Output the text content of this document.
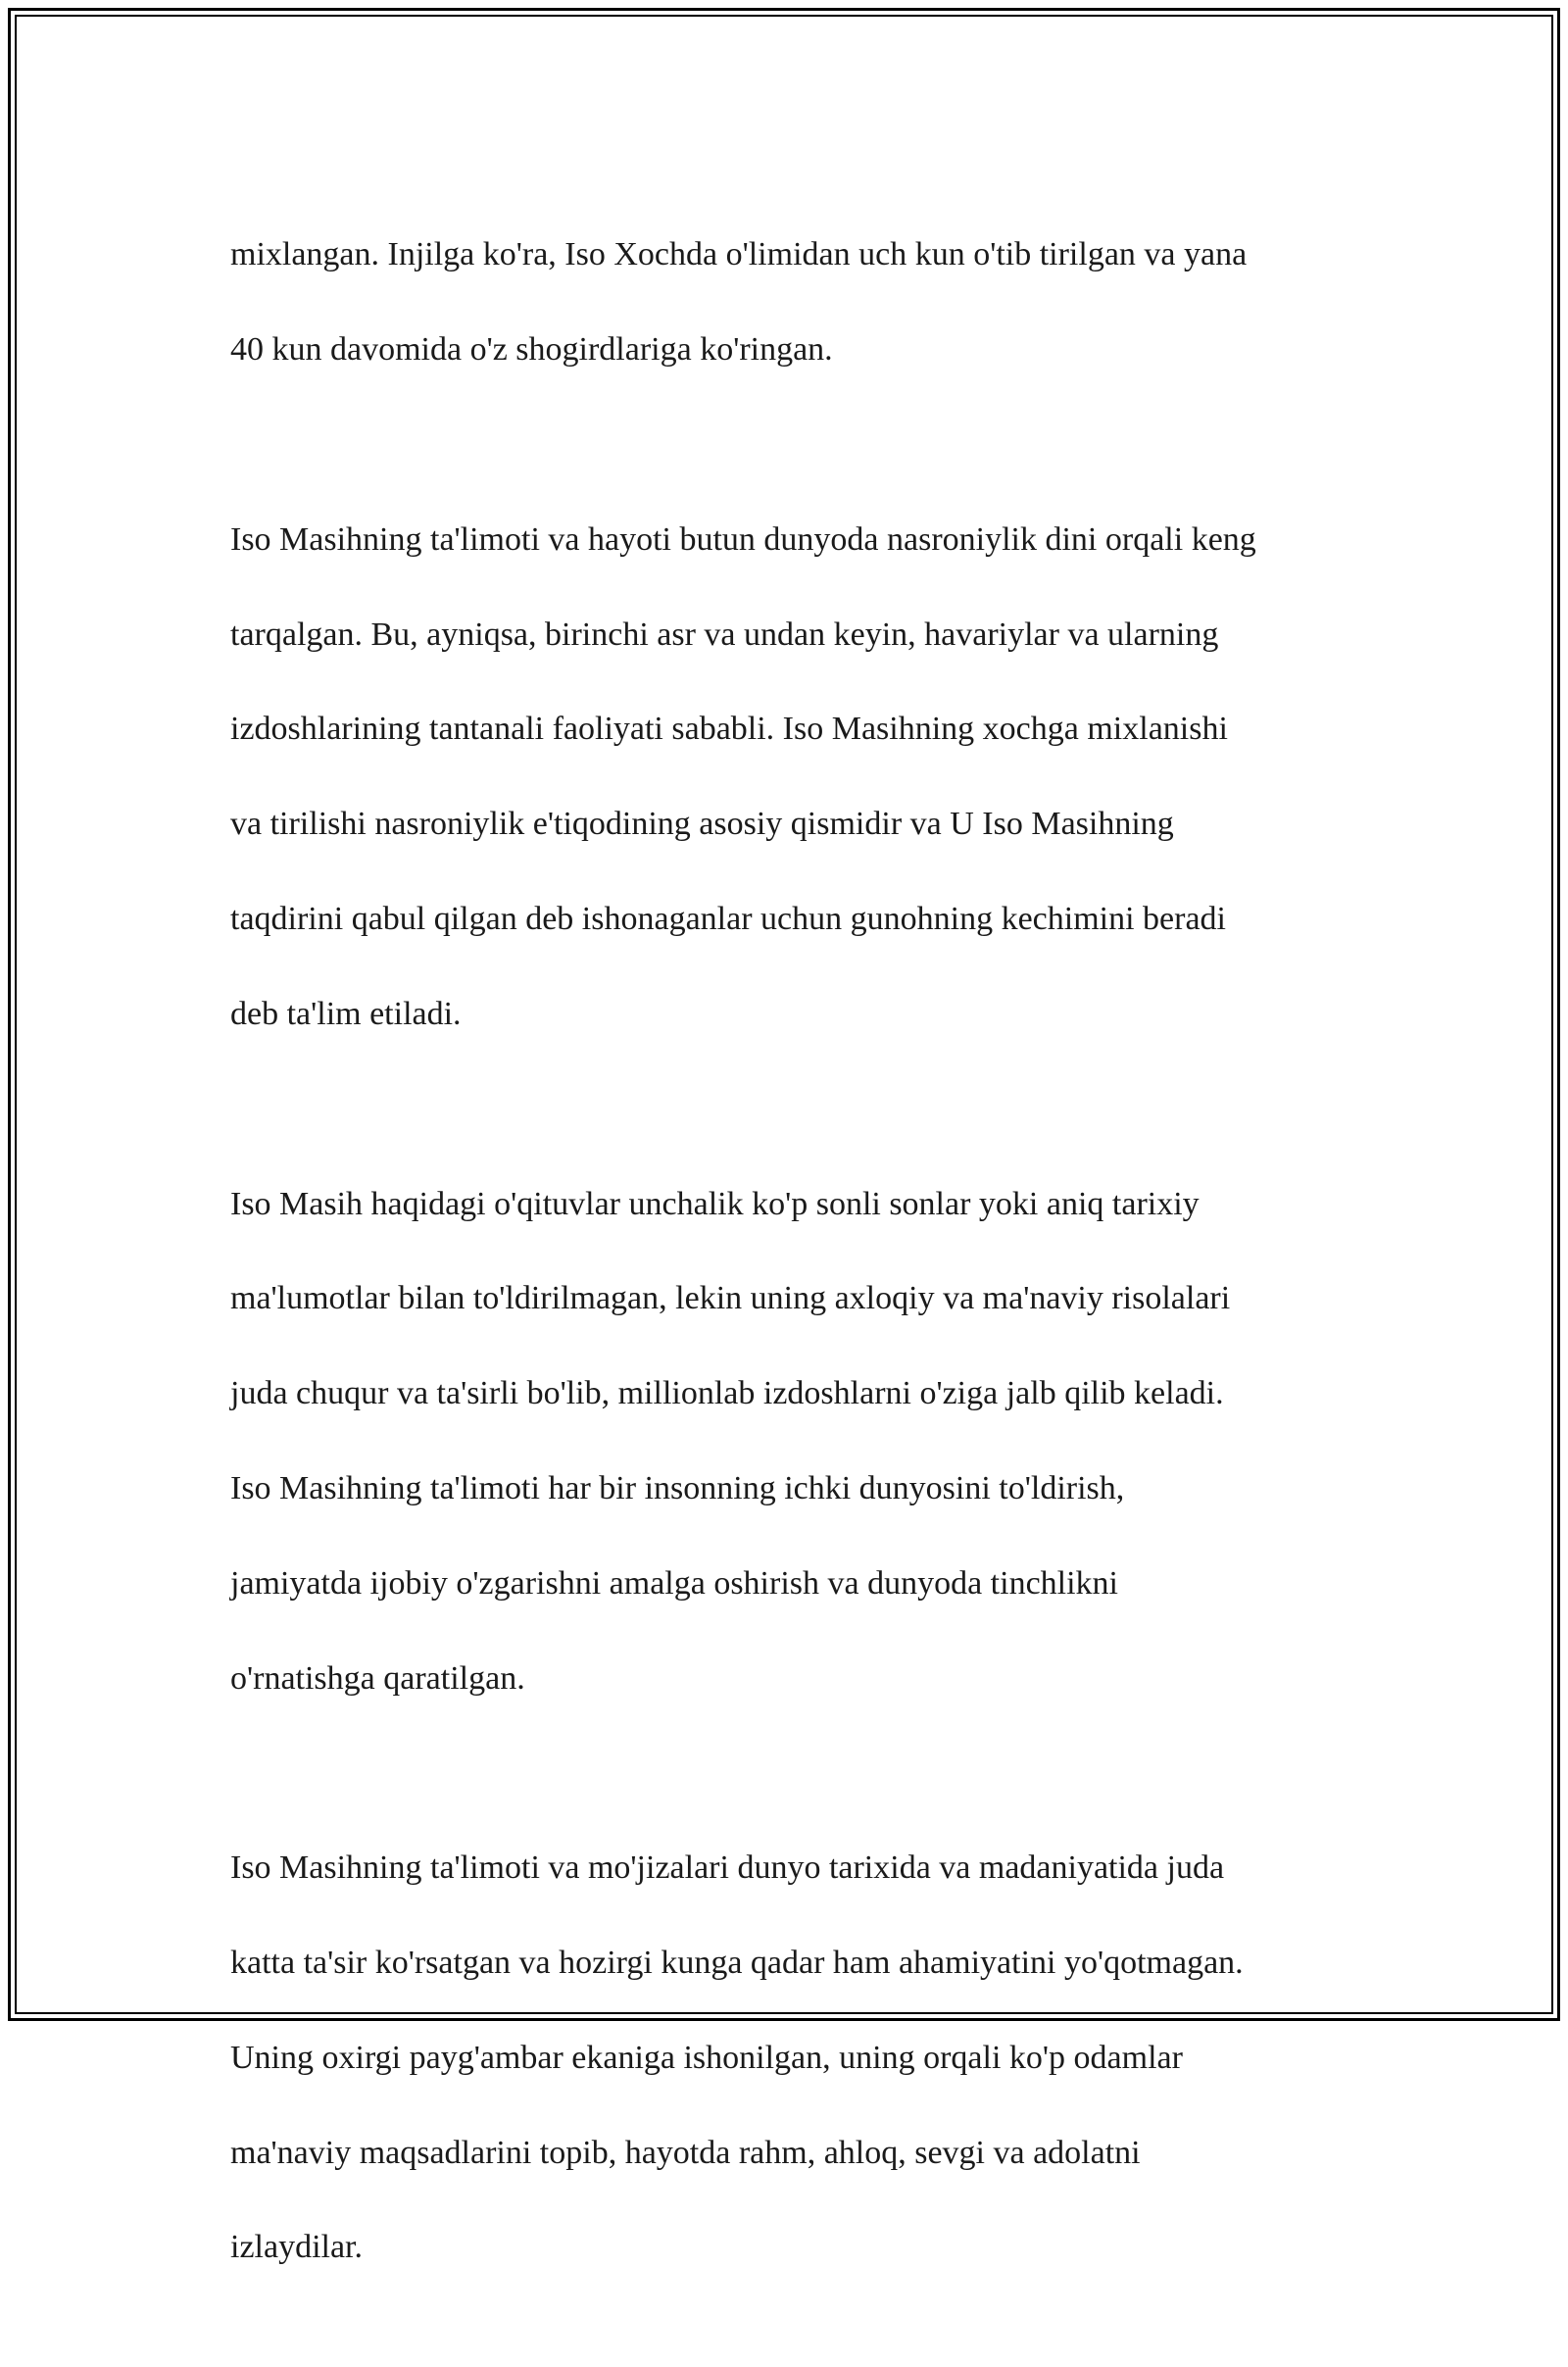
mixlangan. Injilga ko'ra, Iso Xochda o'limidan uch kun o'tib tirilgan va yana

40 kun davomida o'z shogirdlariga ko'ringan.

Iso Masihning ta'limoti va hayoti butun dunyoda nasroniylik dini orqali keng

tarqalgan. Bu, ayniqsa, birinchi asr va undan keyin, havariylar va ularning

izdoshlarining tantanali faoliyati sababli. Iso Masihning xochga mixlanishi

va tirilishi nasroniylik e'tiqodining asosiy qismidir va U Iso Masihning

taqdirini qabul qilgan deb ishonaganlar uchun gunohning kechimini beradi

deb ta'lim etiladi.

Iso Masih haqidagi o'qituvlar unchalik ko'p sonli sonlar yoki aniq tarixiy

ma'lumotlar bilan to'ldirilmagan, lekin uning axloqiy va ma'naviy risolalari

juda chuqur va ta'sirli bo'lib, millionlab izdoshlarni o'ziga jalb qilib keladi.

Iso Masihning ta'limoti har bir insonning ichki dunyosini to'ldirish,

jamiyatda ijobiy o'zgarishni amalga oshirish va dunyoda tinchlikni

o'rnatishga qaratilgan.

Iso Masihning ta'limoti va mo'jizalari dunyo tarixida va madaniyatida juda

katta ta'sir ko'rsatgan va hozirgi kunga qadar ham ahamiyatini yo'qotmagan.

Uning oxirgi payg'ambar ekaniga ishonilgan, uning orqali ko'p odamlar

ma'naviy maqsadlarini topib, hayotda rahm, ahloq, sevgi va adolatni

izlaydilar.
